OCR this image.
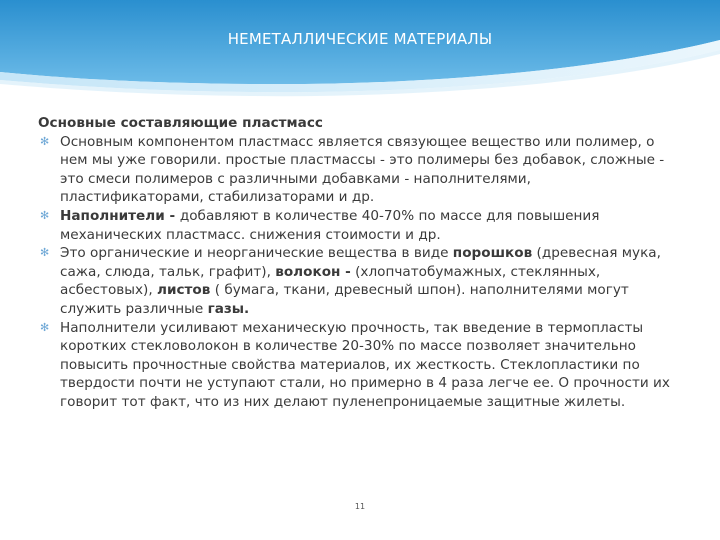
НЕМЕТАЛЛИЧЕСКИЕ МАТЕРИАЛЫ
Основные составляющие пластмасс
✻ Основным компонентом пластмасс является связующее вещество или полимер, о нем мы уже говорили. простые пластмассы - это полимеры без добавок, сложные - это смеси полимеров с различными добавками - наполнителями, пластификаторами, стабилизаторами и др.
✻ Наполнители - добавляют в количестве 40-70% по массе для повышения механических пластмасс. снижения стоимости и др.
✻ Это органические и неорганические вещества в виде порошков (древесная мука, сажа, слюда, тальк, графит), волокон - (хлопчатобумажных, стеклянных, асбестовых), листов ( бумага, ткани, древесный шпон). наполнителями могут служить различные газы.
✻ Наполнители усиливают механическую прочность, так введение в термопласты коротких стекловолокон в количестве 20-30% по массе позволяет значительно повысить прочностные свойства материалов, их жесткость. Стеклопластики по твердости почти не уступают стали, но примерно в 4 раза легче ее. О прочности их говорит тот факт, что из них делают пуленепроницаемые защитные жилеты.
11
